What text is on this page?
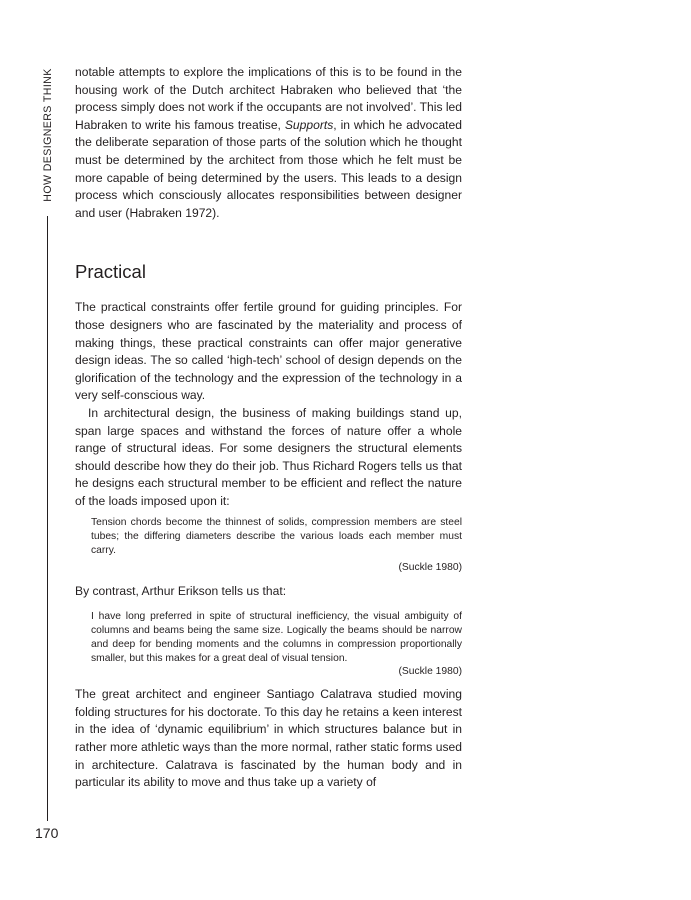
HOW DESIGNERS THINK
170

notable attempts to explore the implications of this is to be found in the housing work of the Dutch architect Habraken who believed that ‘the process simply does not work if the occupants are not involved’. This led Habraken to write his famous treatise, Supports, in which he advocated the deliberate separation of those parts of the solution which he thought must be determined by the architect from those which he felt must be more capable of being determined by the users. This leads to a design process which consciously allocates responsibilities between designer and user (Habraken 1972).

Practical

The practical constraints offer fertile ground for guiding principles. For those designers who are fascinated by the materiality and process of making things, these practical constraints can offer major generative design ideas. The so called ‘high-tech’ school of design depends on the glorification of the technology and the expression of the technology in a very self-conscious way.

In architectural design, the business of making buildings stand up, span large spaces and withstand the forces of nature offer a whole range of structural ideas. For some designers the structural elements should describe how they do their job. Thus Richard Rogers tells us that he designs each structural member to be efficient and reflect the nature of the loads imposed upon it:

Tension chords become the thinnest of solids, compression members are steel tubes; the differing diameters describe the various loads each member must carry.
(Suckle 1980)

By contrast, Arthur Erikson tells us that:

I have long preferred in spite of structural inefficiency, the visual ambiguity of columns and beams being the same size. Logically the beams should be narrow and deep for bending moments and the columns in compression proportionally smaller, but this makes for a great deal of visual tension.
(Suckle 1980)

The great architect and engineer Santiago Calatrava studied moving folding structures for his doctorate. To this day he retains a keen interest in the idea of ‘dynamic equilibrium’ in which structures balance but in rather more athletic ways than the more normal, rather static forms used in architecture. Calatrava is fascinated by the human body and in particular its ability to move and thus take up a variety of
